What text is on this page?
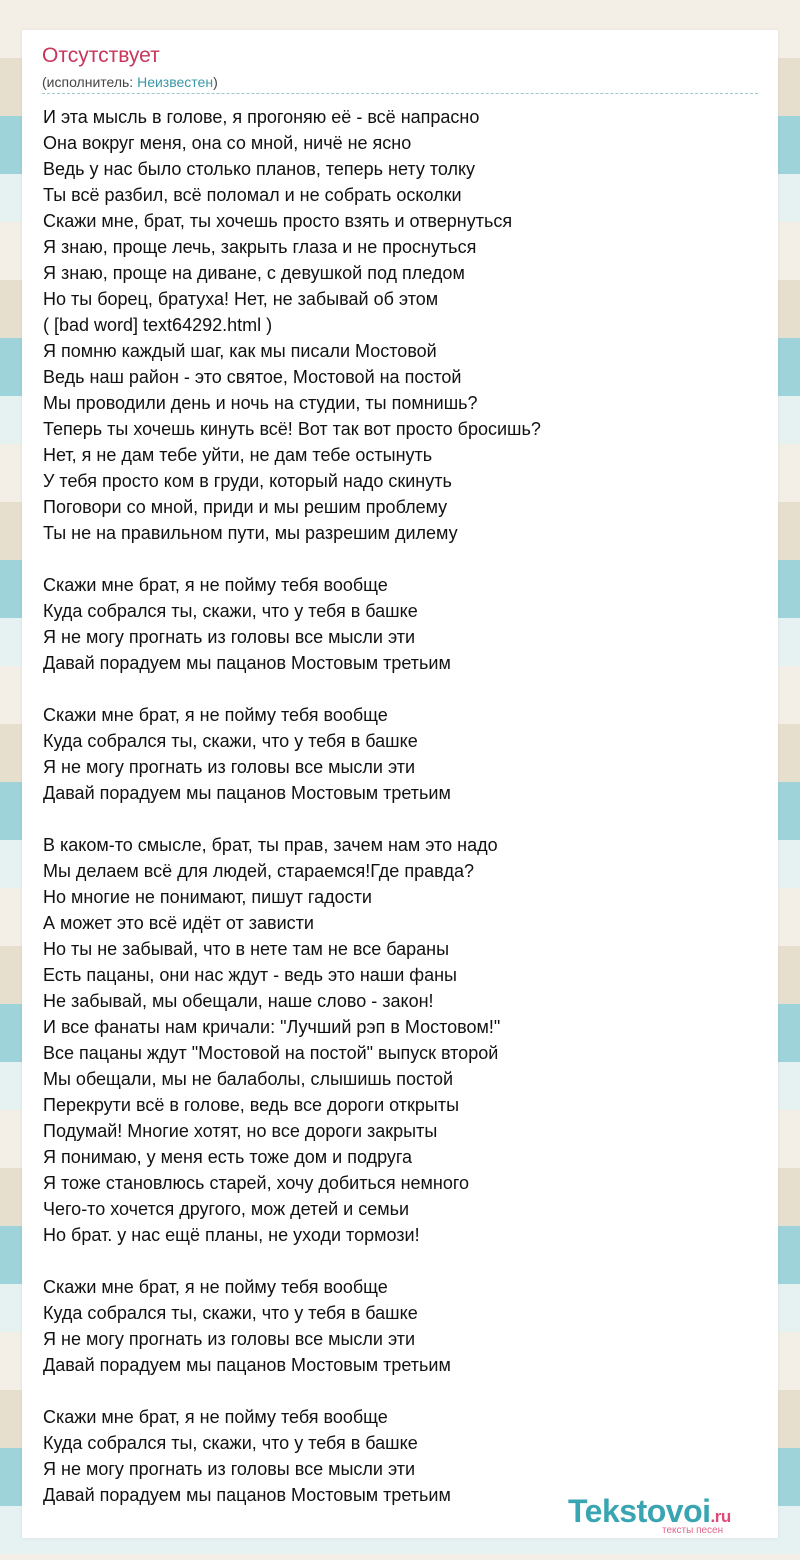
Отсутствует
(исполнитель: Неизвестен)
И эта мысль в голове, я прогоняю её - всё напрасно
Она вокруг меня, она со мной, ничё не ясно
Ведь у нас было столько планов, теперь нету толку
Ты всё разбил, всё поломал и не собрать осколки
Скажи мне, брат, ты хочешь просто взять и отвернуться
Я знаю, проще лечь, закрыть глаза и не проснуться
Я знаю, проще на диване, с девушкой под пледом
Но ты борец, братуха! Нет, не забывай об этом
( [bad word] text64292.html )
Я помню каждый шаг, как мы писали Мостовой
Ведь наш район - это святое, Мостовой на постой
Мы проводили день и ночь на студии, ты помнишь?
Теперь ты хочешь кинуть всё! Вот так вот просто бросишь?
Нет, я не дам тебе уйти, не дам тебе остынуть
У тебя просто ком в груди, который надо скинуть
Поговори со мной, приди и мы решим проблему
Ты не на правильном пути, мы разрешим дилему
Скажи мне брат, я не пойму тебя вообще
Куда собрался ты, скажи, что у тебя в башке
Я не могу прогнать из головы все мысли эти
Давай порадуем мы пацанов Мостовым третьим
Скажи мне брат, я не пойму тебя вообще
Куда собрался ты, скажи, что у тебя в башке
Я не могу прогнать из головы все мысли эти
Давай порадуем мы пацанов Мостовым третьим
В каком-то смысле, брат, ты прав, зачем нам это надо
Мы делаем всё для людей, стараемся!Где правда?
Но многие не понимают, пишут гадости
А может это всё идёт от зависти
Но ты не забывай, что в нете там не все бараны
Есть пацаны, они нас ждут - ведь это наши фаны
Не забывай, мы обещали, наше слово - закон!
И все фанаты нам кричали: "Лучший рэп в Мостовом!"
Все пацаны ждут "Мостовой на постой" выпуск второй
Мы обещали, мы не балаболы, слышишь постой
Перекрути всё в голове, ведь все дороги открыты
Подумай! Многие хотят, но все дороги закрыты
Я понимаю, у меня есть тоже дом и подруга
Я тоже становлюсь старей, хочу добиться немного
Чего-то хочется другого, мож детей и семьи
Но брат. у нас ещё планы, не уходи тормози!
Скажи мне брат, я не пойму тебя вообще
Куда собрался ты, скажи, что у тебя в башке
Я не могу прогнать из головы все мысли эти
Давай порадуем мы пацанов Мостовым третьим
Скажи мне брат, я не пойму тебя вообще
Куда собрался ты, скажи, что у тебя в башке
Я не могу прогнать из головы все мысли эти
Давай порадуем мы пацанов Мостовым третьим	Tekstovoi.ru
тексты песен
